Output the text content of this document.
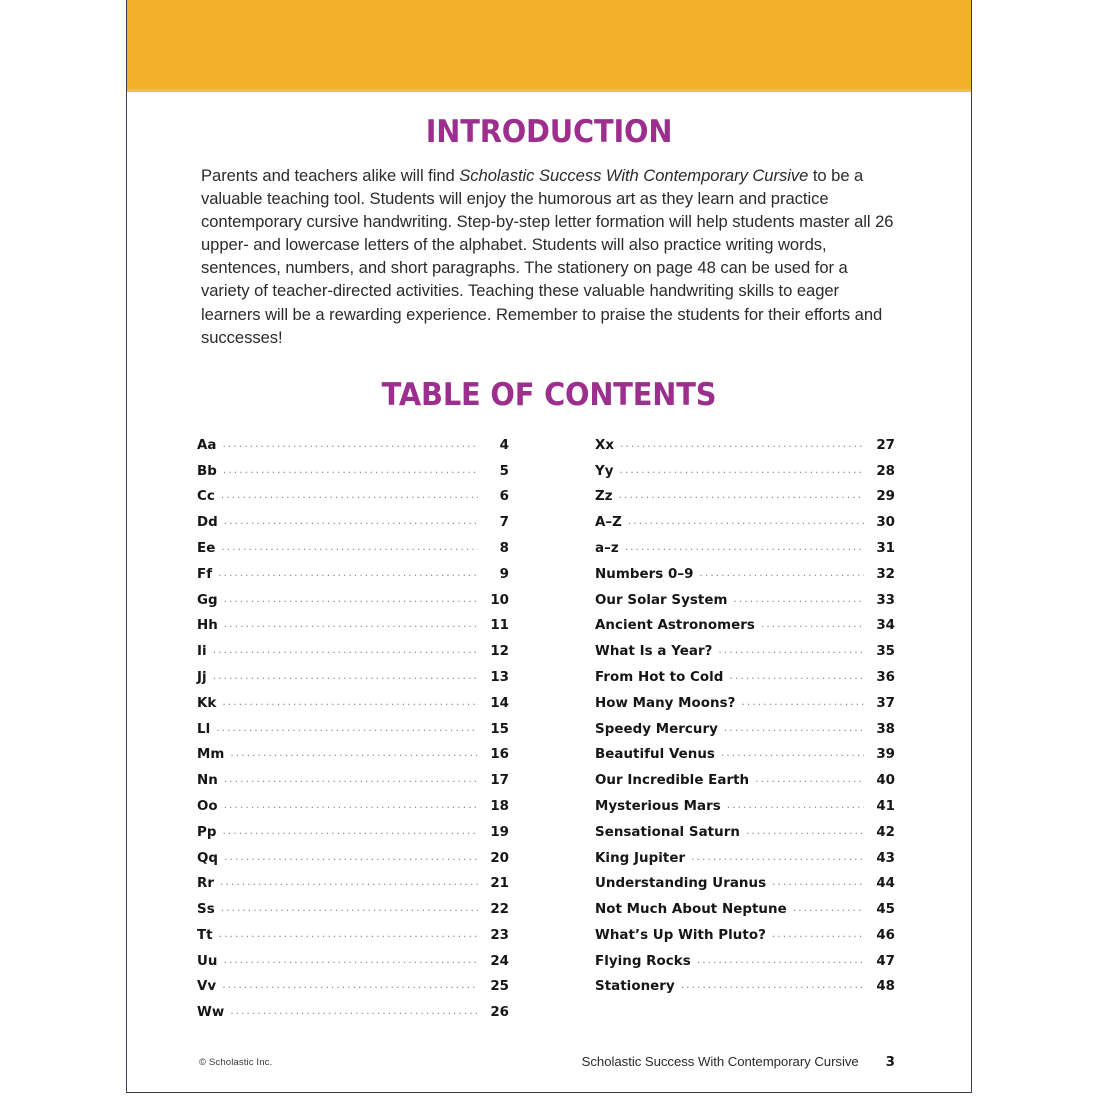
INTRODUCTION

Parents and teachers alike will find Scholastic Success With Contemporary Cursive to be a valuable teaching tool. Students will enjoy the humorous art as they learn and practice contemporary cursive handwriting. Step-by-step letter formation will help students master all 26 upper- and lowercase letters of the alphabet. Students will also practice writing words, sentences, numbers, and short paragraphs. The stationery on page 48 can be used for a variety of teacher-directed activities. Teaching these valuable handwriting skills to eager learners will be a rewarding experience. Remember to praise the students for their efforts and successes!

TABLE OF CONTENTS
Aa .....	4
Bb .....	5
Cc .....	6
Dd .....	7
Ee .....	8
Ff .....	9
Gg .....	10
Hh .....	11
Ii .....	12
Jj .....	13
Kk .....	14
Ll .....	15
Mm .....	16
Nn .....	17
Oo .....	18
Pp .....	19
Qq .....	20
Rr .....	21
Ss .....	22
Tt .....	23
Uu .....	24
Vv .....	25
Ww .....	26
Xx .....	27
Yy .....	28
Zz .....	29
A–Z .....	30
a–z .....	31
Numbers 0–9 .....	32
Our Solar System .....	33
Ancient Astronomers .....	34
What Is a Year? .....	35
From Hot to Cold .....	36
How Many Moons? .....	37
Speedy Mercury .....	38
Beautiful Venus .....	39
Our Incredible Earth .....	40
Mysterious Mars .....	41
Sensational Saturn .....	42
King Jupiter .....	43
Understanding Uranus .....	44
Not Much About Neptune .....	45
What’s Up With Pluto? .....	46
Flying Rocks .....	47
Stationery .....	48
© Scholastic Inc.	Scholastic Success With Contemporary Cursive 3
